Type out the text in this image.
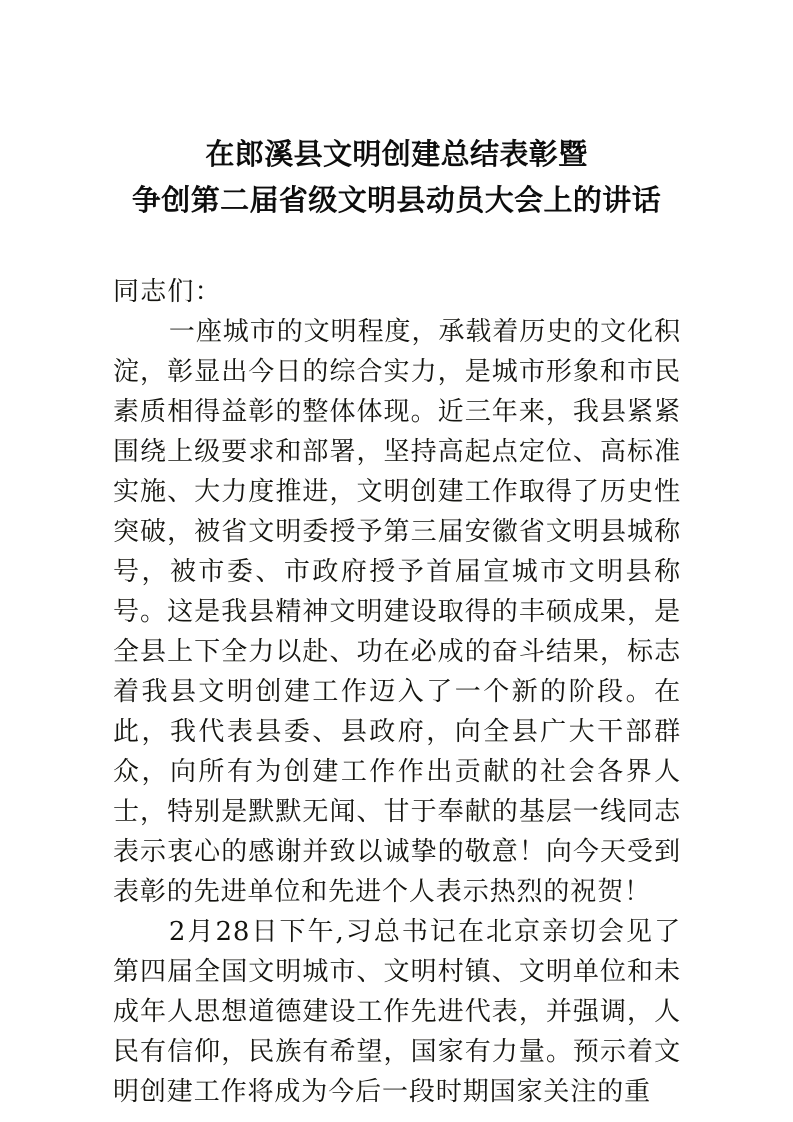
在郎溪县文明创建总结表彰暨
争创第二届省级文明县动员大会上的讲话

同志们：

一座城市的文明程度，承载着历史的文化积淀，彰显出今日的综合实力，是城市形象和市民素质相得益彰的整体体现。近三年来，我县紧紧围绕上级要求和部署，坚持高起点定位、高标准实施、大力度推进，文明创建工作取得了历史性突破，被省文明委授予第三届安徽省文明县城称号，被市委、市政府授予首届宣城市文明县称号。这是我县精神文明建设取得的丰硕成果，是全县上下全力以赴、功在必成的奋斗结果，标志着我县文明创建工作迈入了一个新的阶段。在此，我代表县委、县政府，向全县广大干部群众，向所有为创建工作作出贡献的社会各界人士，特别是默默无闻、甘于奉献的基层一线同志表示衷心的感谢并致以诚挚的敬意！向今天受到表彰的先进单位和先进个人表示热烈的祝贺！

2月28日下午,习总书记在北京亲切会见了第四届全国文明城市、文明村镇、文明单位和未成年人思想道德建设工作先进代表，并强调，人民有信仰，民族有希望，国家有力量。预示着文明创建工作将成为今后一段时期国家关注的重
